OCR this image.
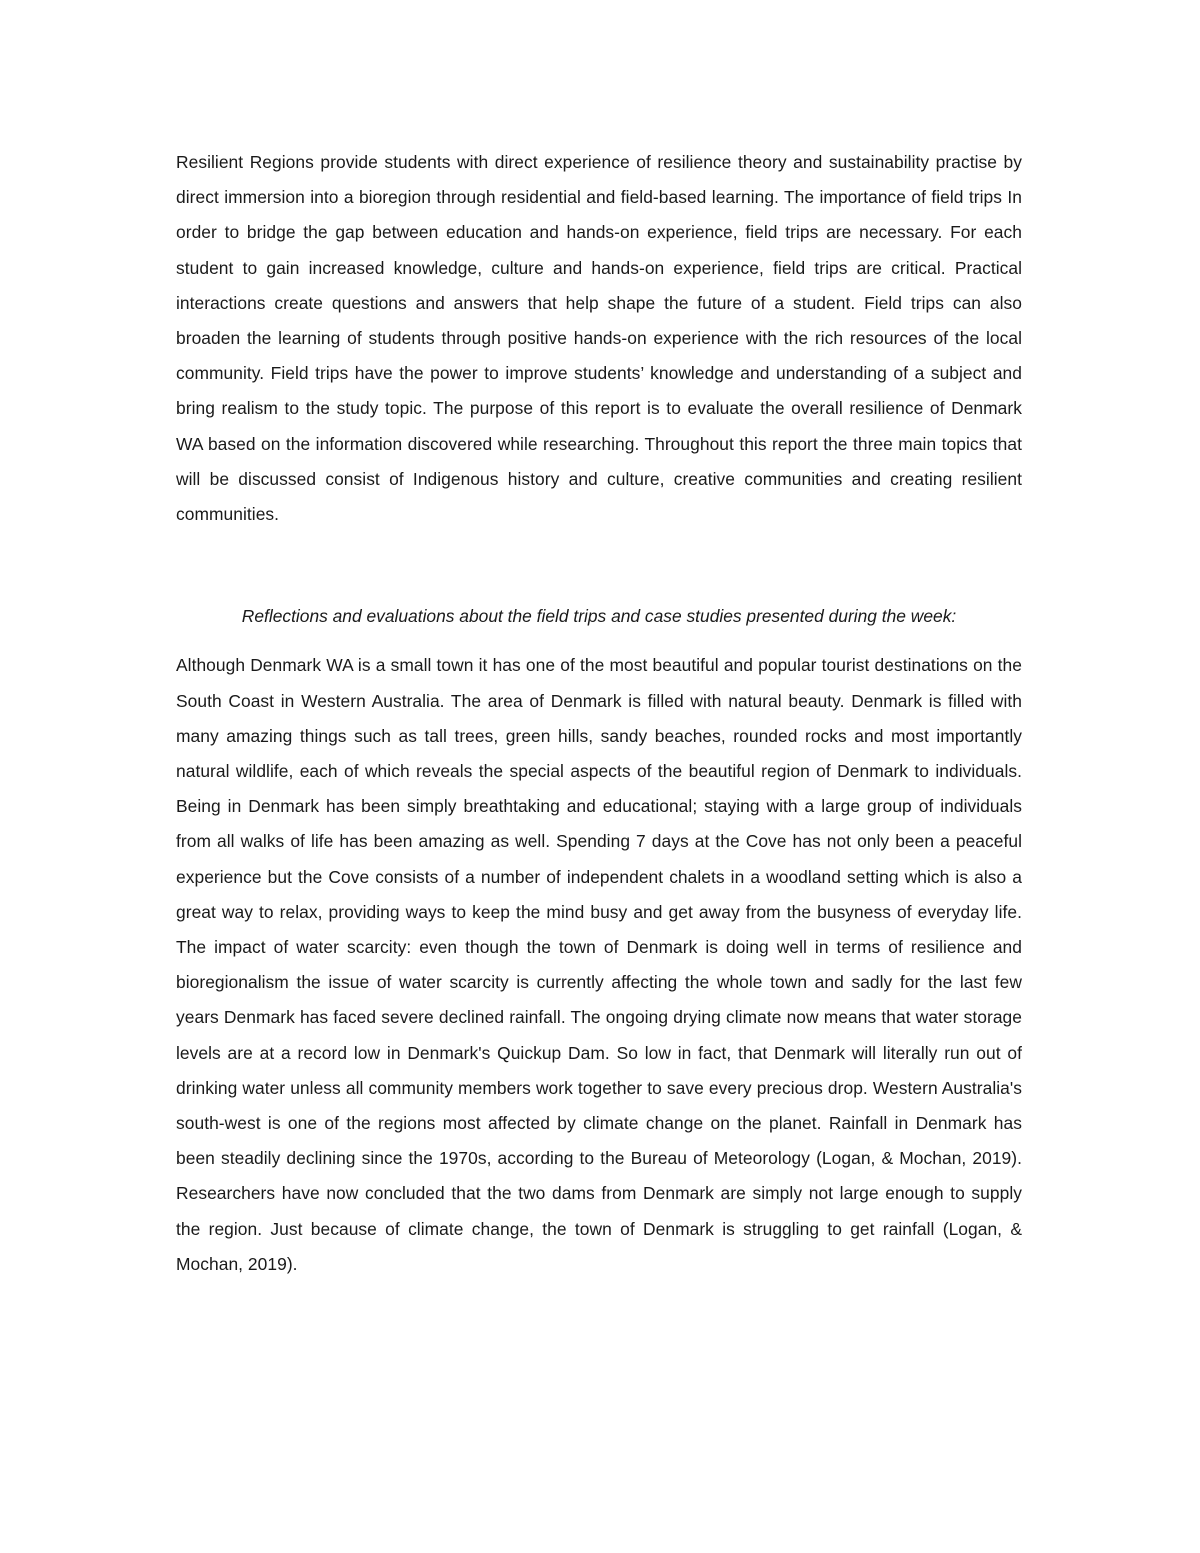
Resilient Regions provide students with direct experience of resilience theory and sustainability practise by direct immersion into a bioregion through residential and field-based learning. The importance of field trips In order to bridge the gap between education and hands-on experience, field trips are necessary. For each student to gain increased knowledge, culture and hands-on experience, field trips are critical. Practical interactions create questions and answers that help shape the future of a student. Field trips can also broaden the learning of students through positive hands-on experience with the rich resources of the local community. Field trips have the power to improve students’ knowledge and understanding of a subject and bring realism to the study topic. The purpose of this report is to evaluate the overall resilience of Denmark WA based on the information discovered while researching. Throughout this report the three main topics that will be discussed consist of Indigenous history and culture, creative communities and creating resilient communities.

Reflections and evaluations about the field trips and case studies presented during the week:

Although Denmark WA is a small town it has one of the most beautiful and popular tourist destinations on the South Coast in Western Australia. The area of Denmark is filled with natural beauty. Denmark is filled with many amazing things such as tall trees, green hills, sandy beaches, rounded rocks and most importantly natural wildlife, each of which reveals the special aspects of the beautiful region of Denmark to individuals. Being in Denmark has been simply breathtaking and educational; staying with a large group of individuals from all walks of life has been amazing as well. Spending 7 days at the Cove has not only been a peaceful experience but the Cove consists of a number of independent chalets in a woodland setting which is also a great way to relax, providing ways to keep the mind busy and get away from the busyness of everyday life. The impact of water scarcity: even though the town of Denmark is doing well in terms of resilience and bioregionalism the issue of water scarcity is currently affecting the whole town and sadly for the last few years Denmark has faced severe declined rainfall. The ongoing drying climate now means that water storage levels are at a record low in Denmark's Quickup Dam. So low in fact, that Denmark will literally run out of drinking water unless all community members work together to save every precious drop. Western Australia's south-west is one of the regions most affected by climate change on the planet. Rainfall in Denmark has been steadily declining since the 1970s, according to the Bureau of Meteorology (Logan, & Mochan, 2019). Researchers have now concluded that the two dams from Denmark are simply not large enough to supply the region. Just because of climate change, the town of Denmark is struggling to get rainfall (Logan, & Mochan, 2019).
